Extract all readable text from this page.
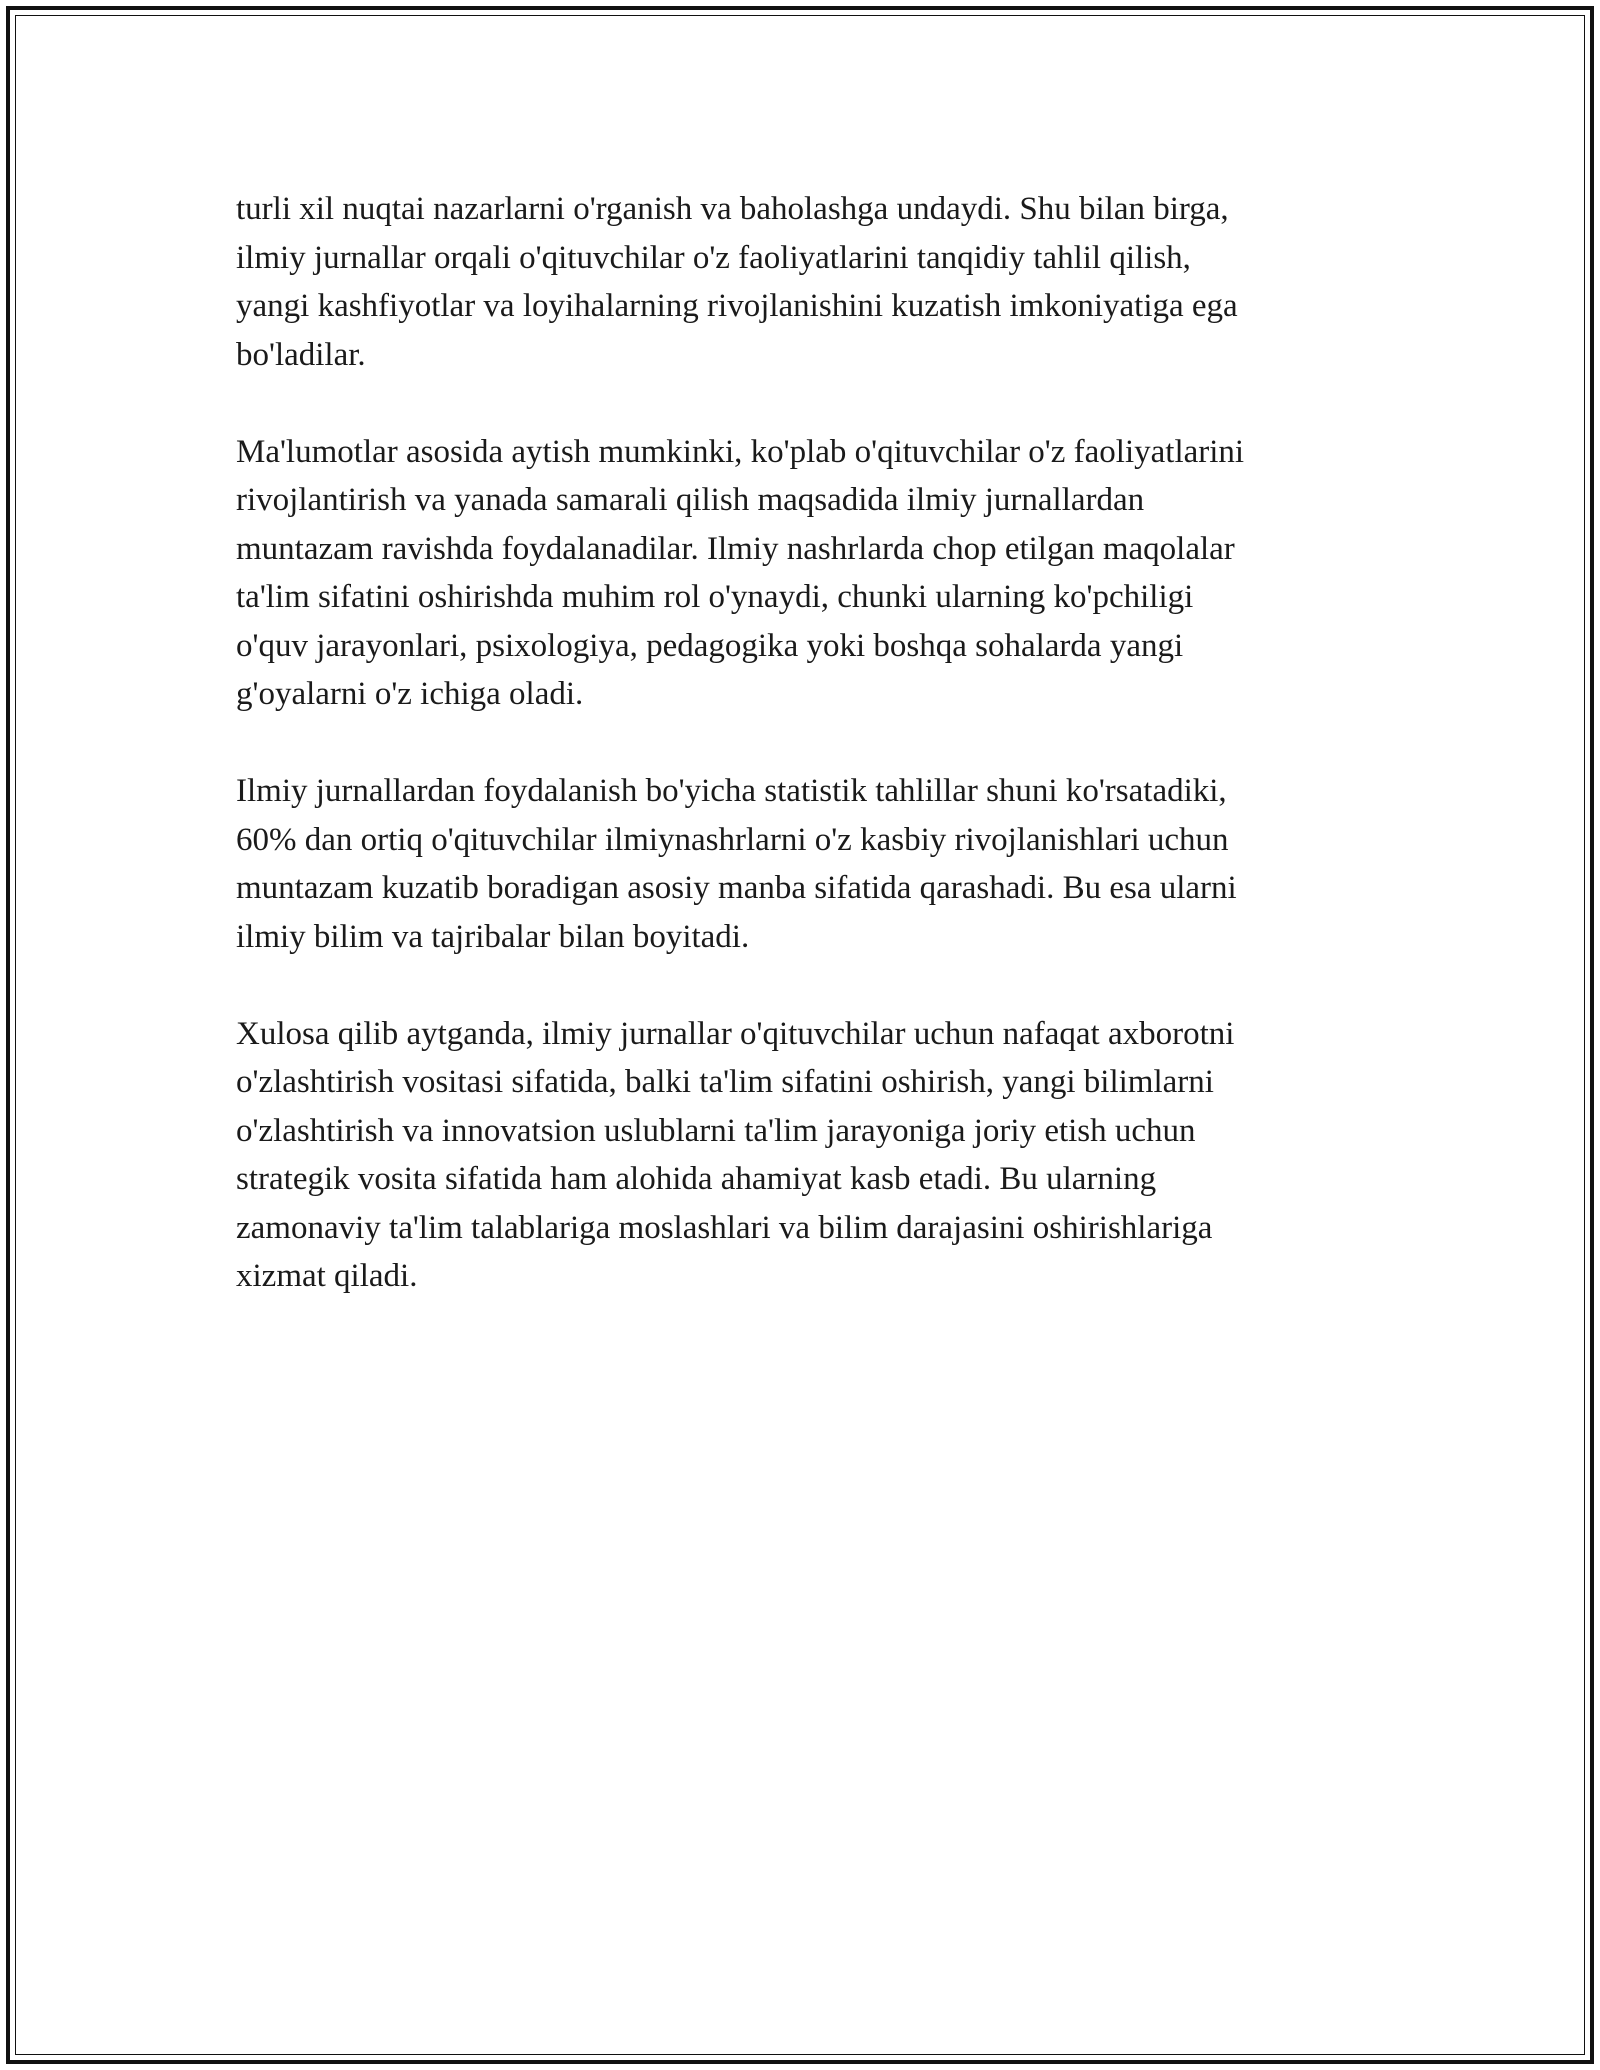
turli xil nuqtai nazarlarni o'rganish va baholashga undaydi. Shu bilan birga,
ilmiy jurnallar orqali o'qituvchilar o'z faoliyatlarini tanqidiy tahlil qilish,
yangi kashfiyotlar va loyihalarning rivojlanishini kuzatish imkoniyatiga ega
bo'ladilar.

Ma'lumotlar asosida aytish mumkinki, ko'plab o'qituvchilar o'z faoliyatlarini
rivojlantirish va yanada samarali qilish maqsadida ilmiy jurnallardan
muntazam ravishda foydalanadilar. Ilmiy nashrlarda chop etilgan maqolalar
ta'lim sifatini oshirishda muhim rol o'ynaydi, chunki ularning ko'pchiligi
o'quv jarayonlari, psixologiya, pedagogika yoki boshqa sohalarda yangi
g'oyalarni o'z ichiga oladi.

Ilmiy jurnallardan foydalanish bo'yicha statistik tahlillar shuni ko'rsatadiki,
60% dan ortiq o'qituvchilar ilmiynashrlarni o'z kasbiy rivojlanishlari uchun
muntazam kuzatib boradigan asosiy manba sifatida qarashadi. Bu esa ularni
ilmiy bilim va tajribalar bilan boyitadi.

Xulosa qilib aytganda, ilmiy jurnallar o'qituvchilar uchun nafaqat axborotni
o'zlashtirish vositasi sifatida, balki ta'lim sifatini oshirish, yangi bilimlarni
o'zlashtirish va innovatsion uslublarni ta'lim jarayoniga joriy etish uchun
strategik vosita sifatida ham alohida ahamiyat kasb etadi. Bu ularning
zamonaviy ta'lim talablariga moslashlari va bilim darajasini oshirishlariga
xizmat qiladi.
